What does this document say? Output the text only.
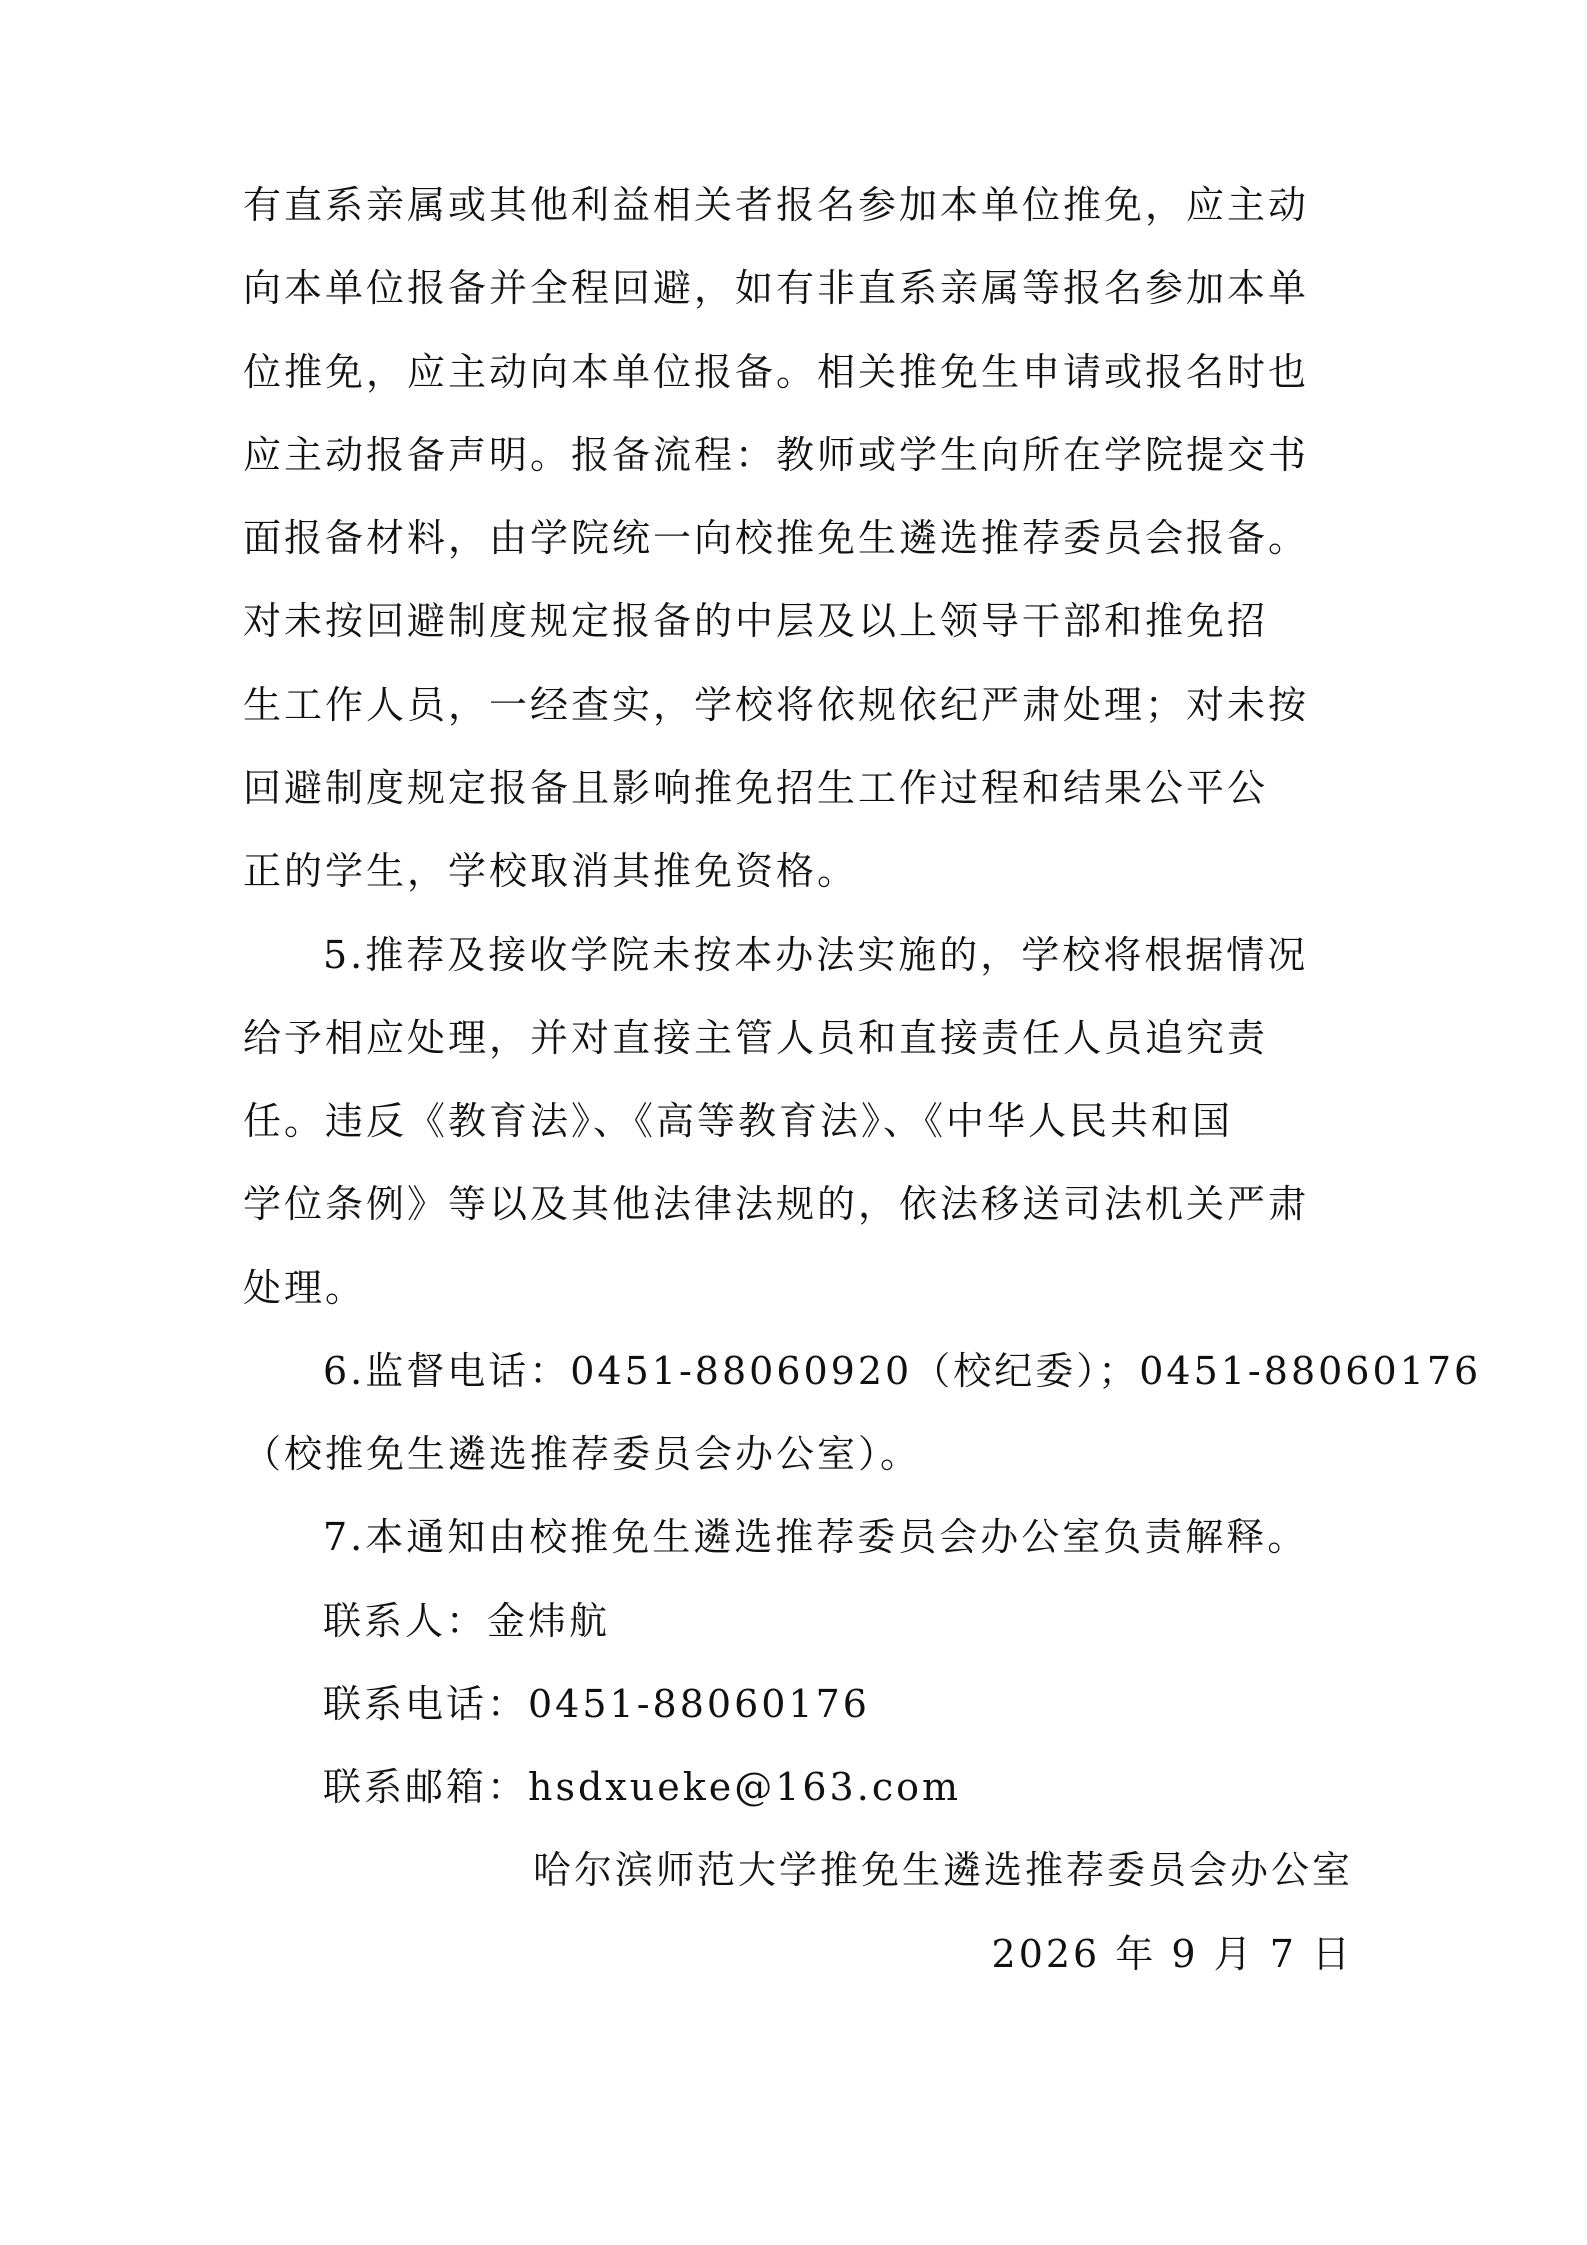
有直系亲属或其他利益相关者报名参加本单位推免，应主动
向本单位报备并全程回避，如有非直系亲属等报名参加本单
位推免，应主动向本单位报备。相关推免生申请或报名时也
应主动报备声明。报备流程：教师或学生向所在学院提交书
面报备材料，由学院统一向校推免生遴选推荐委员会报备。
对未按回避制度规定报备的中层及以上领导干部和推免招
生工作人员，一经查实，学校将依规依纪严肃处理；对未按
回避制度规定报备且影响推免招生工作过程和结果公平公
正的学生，学校取消其推免资格。
5.推荐及接收学院未按本办法实施的，学校将根据情况
给予相应处理，并对直接主管人员和直接责任人员追究责
任。违反《教育法》、《高等教育法》、《中华人民共和国
学位条例》等以及其他法律法规的，依法移送司法机关严肃
处理。
6.监督电话：0451-88060920（校纪委）；0451-88060176
（校推免生遴选推荐委员会办公室）。
7.本通知由校推免生遴选推荐委员会办公室负责解释。
联系人：金炜航
联系电话：0451-88060176
联系邮箱：hsdxueke@163.com
哈尔滨师范大学推免生遴选推荐委员会办公室
2026 年 9 月 7 日
